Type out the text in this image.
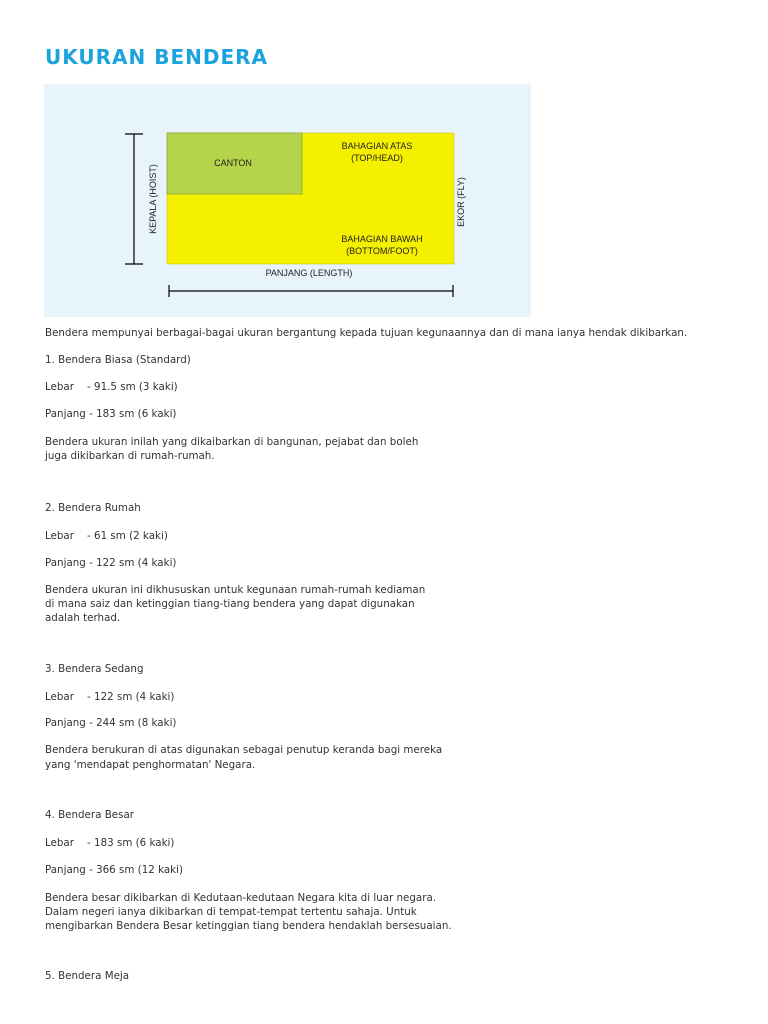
UKURAN BENDERA
CANTON
BAHAGIAN ATAS
(TOP/HEAD)
BAHAGIAN BAWAH
(BOTTOM/FOOT)
KEPALA (HOIST)	EKOR (FLY)
PANJANG (LENGTH)

Bendera mempunyai berbagai-bagai ukuran bergantung kepada tujuan kegunaannya dan di mana ianya hendak dikibarkan.

1. Bendera Biasa (Standard)

Lebar    - 91.5 sm (3 kaki)

Panjang - 183 sm (6 kaki)

Bendera ukuran inilah yang dikaibarkan di bangunan, pejabat dan boleh

juga dikibarkan di rumah-rumah.

2. Bendera Rumah

Lebar    - 61 sm (2 kaki)

Panjang - 122 sm (4 kaki)

Bendera ukuran ini dikhususkan untuk kegunaan rumah-rumah kediaman

di mana saiz dan ketinggian tiang-tiang bendera yang dapat digunakan

adalah terhad.

3. Bendera Sedang

Lebar    - 122 sm (4 kaki)

Panjang - 244 sm (8 kaki)

Bendera berukuran di atas digunakan sebagai penutup keranda bagi mereka

yang 'mendapat penghormatan' Negara.

4. Bendera Besar

Lebar    - 183 sm (6 kaki)

Panjang - 366 sm (12 kaki)

Bendera besar dikibarkan di Kedutaan-kedutaan Negara kita di luar negara.

Dalam negeri ianya dikibarkan di tempat-tempat tertentu sahaja. Untuk

mengibarkan Bendera Besar ketinggian tiang bendera hendaklah bersesuaian.

5. Bendera Meja
